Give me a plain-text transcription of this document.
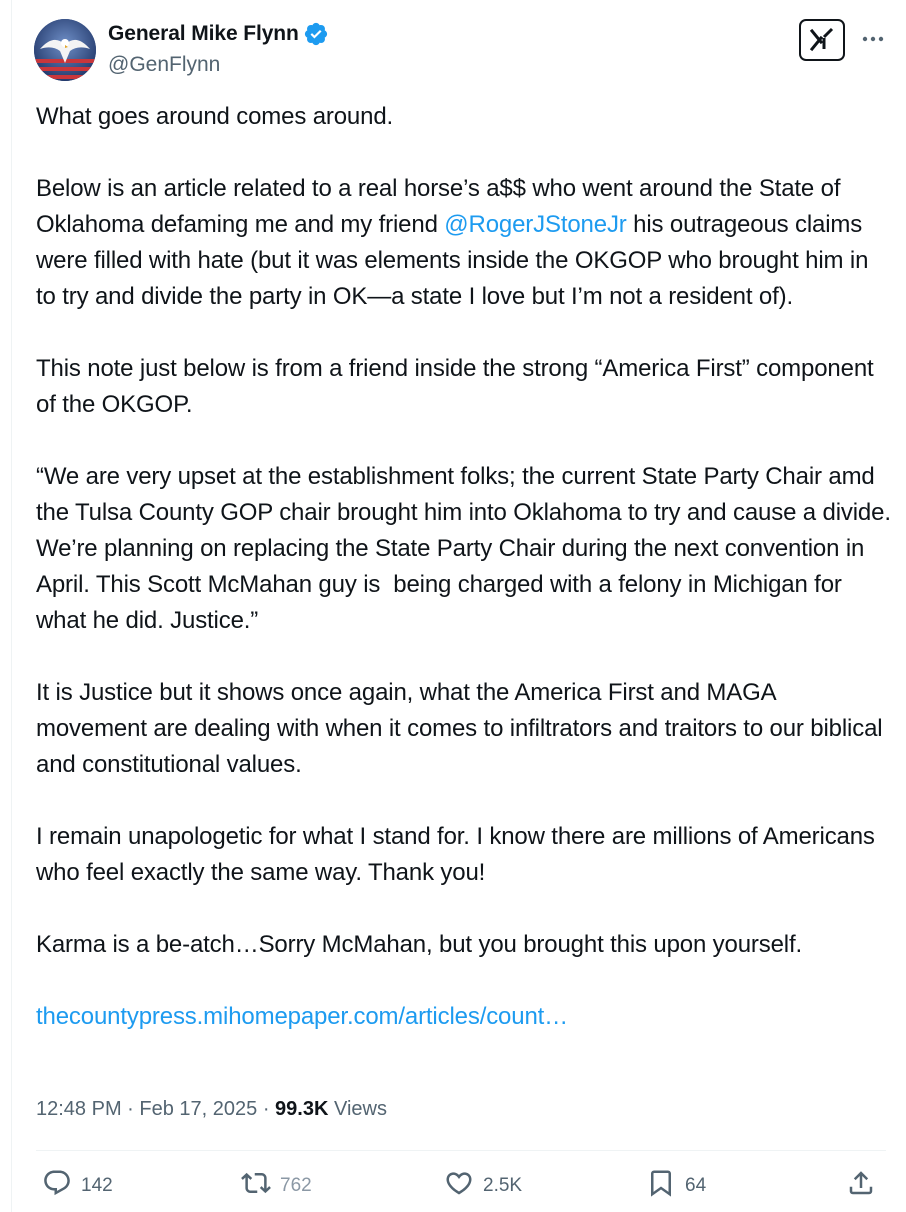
General Mike Flynn
@GenFlynn
What goes around comes around.
Below is an article related to a real horse’s a$$ who went around the State of Oklahoma defaming me and my friend @RogerJStoneJr his outrageous claims were filled with hate (but it was elements inside the OKGOP who brought him in to try and divide the party in OK—a state I love but I’m not a resident of).
This note just below is from a friend inside the strong “America First” component of the OKGOP.
“We are very upset at the establishment folks; the current State Party Chair amd the Tulsa County GOP chair brought him into Oklahoma to try and cause a divide. We’re planning on replacing the State Party Chair during the next convention in April. This Scott McMahan guy is  being charged with a felony in Michigan for what he did. Justice.”
It is Justice but it shows once again, what the America First and MAGA movement are dealing with when it comes to infiltrators and traitors to our biblical and constitutional values.
I remain unapologetic for what I stand for. I know there are millions of Americans who feel exactly the same way. Thank you!
Karma is a be-atch…Sorry McMahan, but you brought this upon yourself.
thecountypress.mihomepaper.com/articles/count…
12:48 PM · Feb 17, 2025 · 99.3K Views
142	762	2.5K	64
